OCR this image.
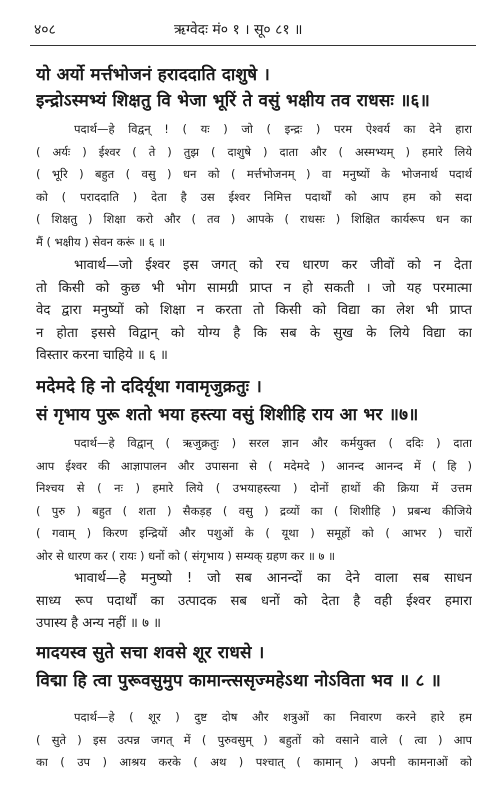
४०८	ऋग्वेदः मं० १ । सू० ८१ ॥
यो अर्यो मर्त्तभोजनं हराददाति दाशुषे ।
इन्द्रोऽस्मभ्यं शिक्षतु वि भेजा भूरिं ते वसुं भक्षीय तव राधसः ॥६॥
पदार्थ—हे विद्वन् ! ( यः ) जो ( इन्द्रः ) परम ऐश्वर्य का देने हारा
( अर्यः ) ईश्वर ( ते ) तुझ ( दाशुषे ) दाता और ( अस्मभ्यम् ) हमारे लिये
( भूरि ) बहुत ( वसु ) धन को ( मर्त्तभोजनम् ) वा मनुष्यों के भोजनार्थ पदार्थ
को ( पराददाति ) देता है उस ईश्वर निमित्त पदार्थों को आप हम को सदा
( शिक्षतु ) शिक्षा करो और ( तव ) आपके ( राधसः ) शिक्षित कार्यरूप धन का
मैं ( भक्षीय ) सेवन करूं ॥ ६ ॥
भावार्थ—जो ईश्वर इस जगत् को रच धारण कर जीवों को न देता
तो किसी को कुछ भी भोग सामग्री प्राप्त न हो सकती । जो यह परमात्मा
वेद द्वारा मनुष्यों को शिक्षा न करता तो किसी को विद्या का लेश भी प्राप्त
न होता इससे विद्वान् को योग्य है कि सब के सुख के लिये विद्या का
विस्तार करना चाहिये ॥ ६ ॥
मदेमदे हि नो ददिर्यूथा गवामृजुक्रतुः ।
सं गृभाय पुरू शतो भया हस्त्या वसुं शिशीहि राय आ भर ॥७॥
पदार्थ—हे विद्वान् ( ऋजुक्रतुः ) सरल ज्ञान और कर्मयुक्त ( ददिः ) दाता
आप ईश्वर की आज्ञापालन और उपासना से ( मदेमदे ) आनन्द आनन्द में ( हि )
निश्चय से ( नः ) हमारे लिये ( उभयाहस्त्या ) दोनों हाथों की क्रिया में उत्तम
( पुरु ) बहुत ( शता ) सैकड़ह ( वसु ) द्रव्यों का ( शिशीहि ) प्रबन्ध कीजिये
( गवाम् ) किरण इन्द्रियों और पशुओं के ( यूथा ) समूहों को ( आभर ) चारों
ओर से धारण कर ( रायः ) धनों को ( संगृभाय ) सम्यक् ग्रहण कर ॥ ७ ॥
भावार्थ—हे मनुष्यो ! जो सब आनन्दों का देने वाला सब साधन
साध्य रूप पदार्थों का उत्पादक सब धनों को देता है वही ईश्वर हमारा
उपास्य है अन्य नहीं ॥ ७ ॥
मादयस्व सुते सचा शवसे शूर राधसे ।
विद्मा हि त्वा पुरूवसुमुप कामान्त्ससृज्महेऽथा नोऽविता भव ॥ ८ ॥
पदार्थ—हे ( शूर ) दुष्ट दोष और शत्रुओं का निवारण करने हारे हम
( सुते ) इस उत्पन्न जगत् में ( पुरुवसुम् ) बहुतों को वसाने वाले ( त्वा ) आप
का ( उप ) आश्रय करके ( अथ ) पश्चात् ( कामान् ) अपनी कामनाओं को
